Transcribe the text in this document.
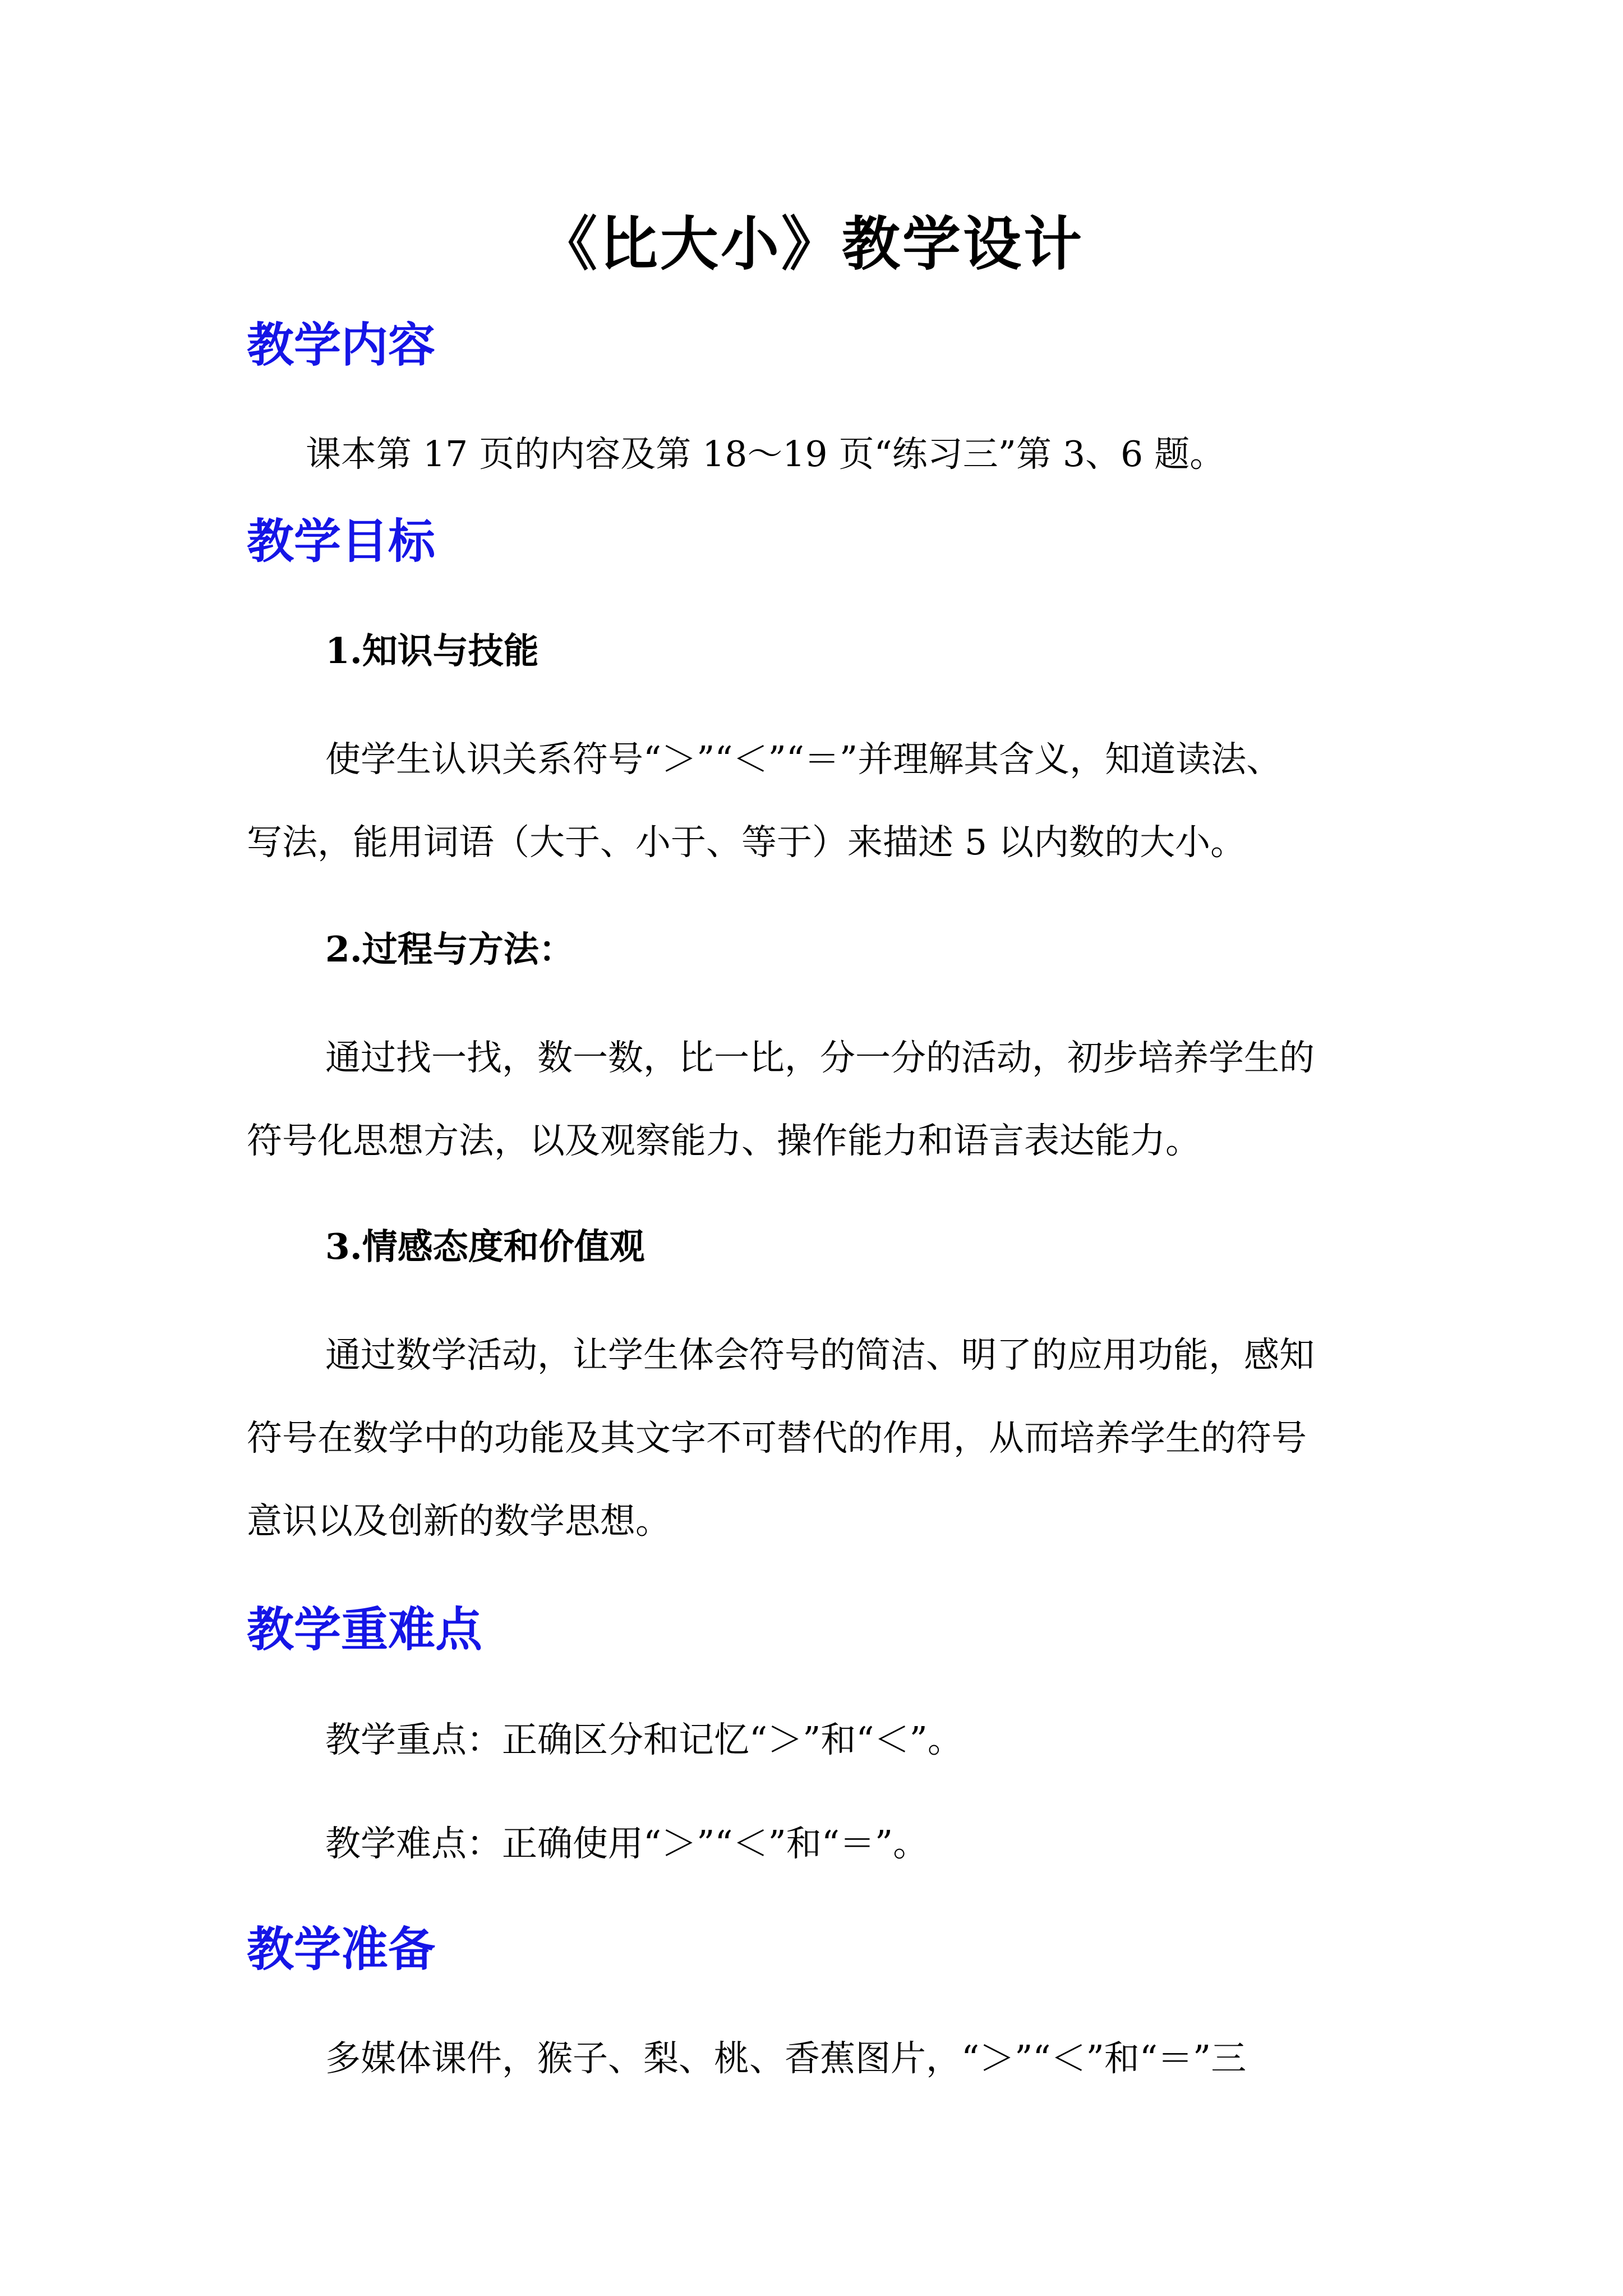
《比大小》教学设计
教学内容

课本第 17 页的内容及第 18～19 页“练习三”第 3、6 题。

教学目标

1.知识与技能

使学生认识关系符号“＞”“＜”“＝”并理解其含义，知道读法、

写法，能用词语（大于、小于、等于）来描述 5 以内数的大小。

2.过程与方法：

通过找一找，数一数，比一比，分一分的活动，初步培养学生的

符号化思想方法，以及观察能力、操作能力和语言表达能力。

3.情感态度和价值观

通过数学活动，让学生体会符号的简洁、明了的应用功能，感知

符号在数学中的功能及其文字不可替代的作用，从而培养学生的符号

意识以及创新的数学思想。

教学重难点

教学重点：正确区分和记忆“＞”和“＜”。

教学难点：正确使用“＞”“＜”和“＝”。

教学准备

多媒体课件，猴子、梨、桃、香蕉图片，“＞”“＜”和“＝”三
